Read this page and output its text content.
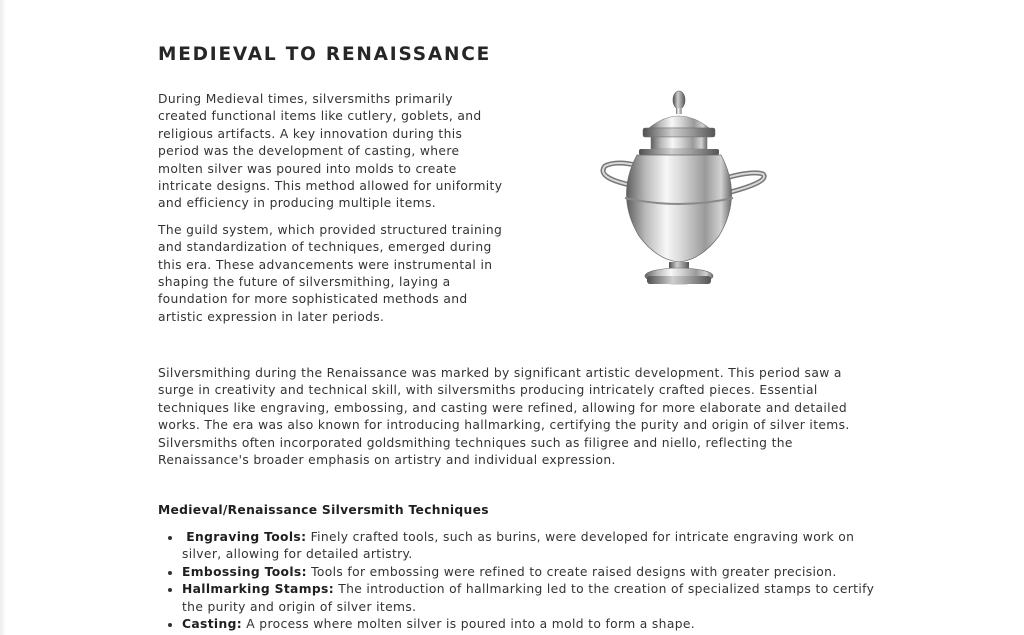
MEDIEVAL TO RENAISSANCE

During Medieval times, silversmiths primarily created functional items like cutlery, goblets, and religious artifacts. A key innovation during this period was the development of casting, where molten silver was poured into molds to create intricate designs. This method allowed for uniformity and efficiency in producing multiple items.

The guild system, which provided structured training and standardization of techniques, emerged during this era. These advancements were instrumental in shaping the future of silversmithing, laying a foundation for more sophisticated methods and artistic expression in later periods.

Silversmithing during the Renaissance was marked by significant artistic development. This period saw a surge in creativity and technical skill, with silversmiths producing intricately crafted pieces. Essential techniques like engraving, embossing, and casting were refined, allowing for more elaborate and detailed works. The era was also known for introducing hallmarking, certifying the purity and origin of silver items. Silversmiths often incorporated goldsmithing techniques such as filigree and niello, reflecting the Renaissance's broader emphasis on artistry and individual expression.

Medieval/Renaissance Silversmith Techniques
• Engraving Tools: Finely crafted tools, such as burins, were developed for intricate engraving work on silver, allowing for detailed artistry.
• Embossing Tools: Tools for embossing were refined to create raised designs with greater precision.
• Hallmarking Stamps: The introduction of hallmarking led to the creation of specialized stamps to certify the purity and origin of silver items.
• Casting: A process where molten silver is poured into a mold to form a shape.
